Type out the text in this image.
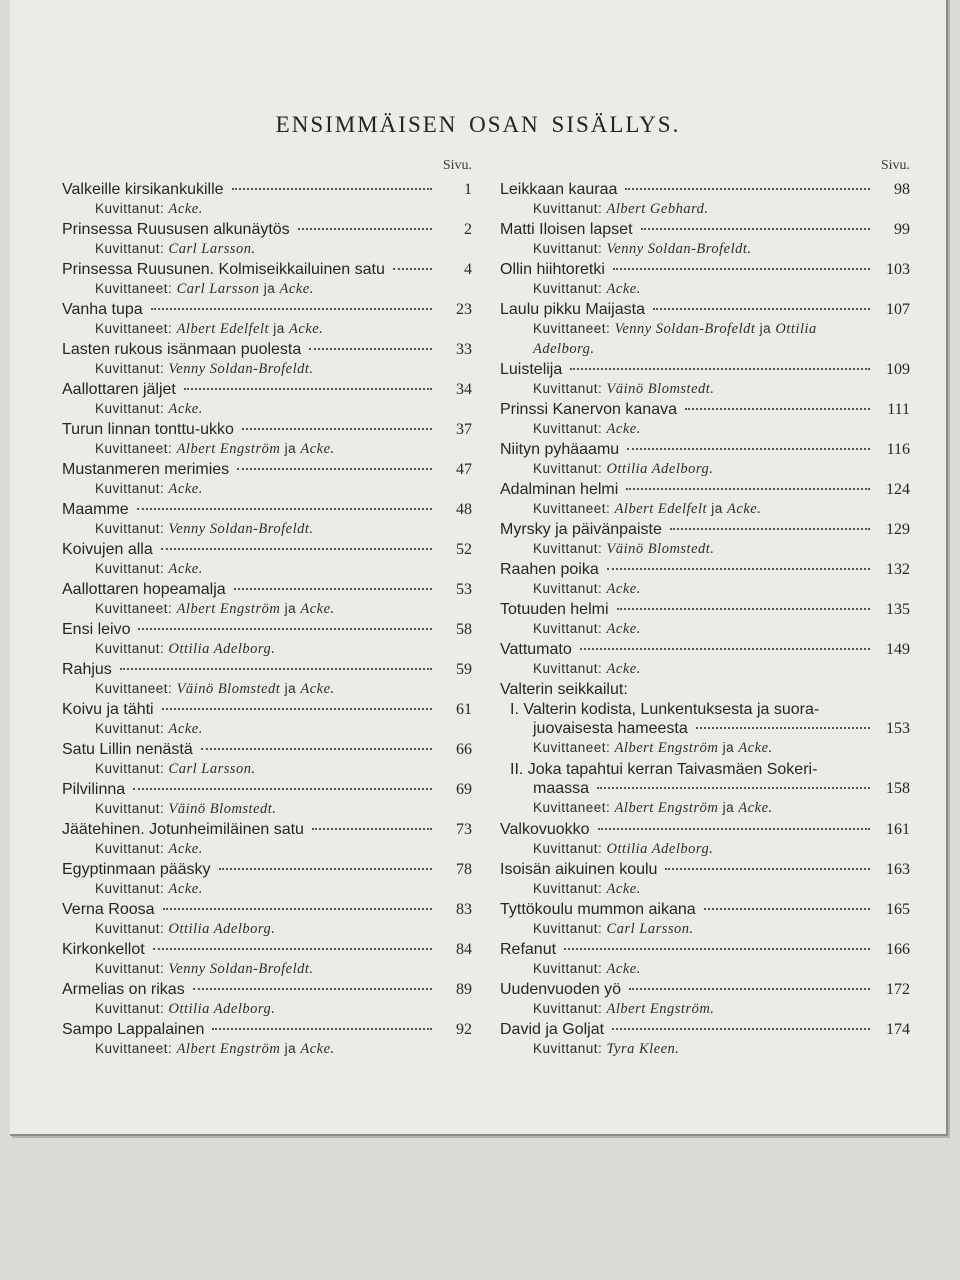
ENSIMMÄISEN OSAN SISÄLLYS.
Sivu.
Valkeille kirsikankukille	1
Kuvittanut: Acke.
Prinsessa Ruususen alkunäytös	2
Kuvittanut: Carl Larsson.
Prinsessa Ruusunen. Kolmiseikkailuinen satu	4
Kuvittaneet: Carl Larsson ja Acke.
Vanha tupa	23
Kuvittaneet: Albert Edelfelt ja Acke.
Lasten rukous isänmaan puolesta	33
Kuvittanut: Venny Soldan-Brofeldt.
Aallottaren jäljet	34
Kuvittanut: Acke.
Turun linnan tonttu-ukko	37
Kuvittaneet: Albert Engström ja Acke.
Mustanmeren merimies	47
Kuvittanut: Acke.
Maamme	48
Kuvittanut: Venny Soldan-Brofeldt.
Koivujen alla	52
Kuvittanut: Acke.
Aallottaren hopeamalja	53
Kuvittaneet: Albert Engström ja Acke.
Ensi leivo	58
Kuvittanut: Ottilia Adelborg.
Rahjus	59
Kuvittaneet: Väinö Blomstedt ja Acke.
Koivu ja tähti	61
Kuvittanut: Acke.
Satu Lillin nenästä	66
Kuvittanut: Carl Larsson.
Pilvilinna	69
Kuvittanut: Väinö Blomstedt.
Jäätehinen. Jotunheimiläinen satu	73
Kuvittanut: Acke.
Egyptinmaan pääsky	78
Kuvittanut: Acke.
Verna Roosa	83
Kuvittanut: Ottilia Adelborg.
Kirkonkellot	84
Kuvittanut: Venny Soldan-Brofeldt.
Armelias on rikas	89
Kuvittanut: Ottilia Adelborg.
Sampo Lappalainen	92
Kuvittaneet: Albert Engström ja Acke.
Sivu.
Leikkaan kauraa	98
Kuvittanut: Albert Gebhard.
Matti Iloisen lapset	99
Kuvittanut: Venny Soldan-Brofeldt.
Ollin hiihtoretki	103
Kuvittanut: Acke.
Laulu pikku Maijasta	107
Kuvittaneet: Venny Soldan-Brofeldt ja Ottilia
Adelborg.
Luistelija	109
Kuvittanut: Väinö Blomstedt.
Prinssi Kanervon kanava	111
Kuvittanut: Acke.
Niityn pyhäaamu	116
Kuvittanut: Ottilia Adelborg.
Adalminan helmi	124
Kuvittaneet: Albert Edelfelt ja Acke.
Myrsky ja päivänpaiste	129
Kuvittanut: Väinö Blomstedt.
Raahen poika	132
Kuvittanut: Acke.
Totuuden helmi	135
Kuvittanut: Acke.
Vattumato	149
Kuvittanut: Acke.
Valterin seikkailut:
I. Valterin kodista, Lunkentuksesta ja suora-
juovaisesta hameesta	153
Kuvittaneet: Albert Engström ja Acke.
II. Joka tapahtui kerran Taivasmäen Sokeri-
maassa	158
Kuvittaneet: Albert Engström ja Acke.
Valkovuokko	161
Kuvittanut: Ottilia Adelborg.
Isoisän aikuinen koulu	163
Kuvittanut: Acke.
Tyttökoulu mummon aikana	165
Kuvittanut: Carl Larsson.
Refanut	166
Kuvittanut: Acke.
Uudenvuoden yö	172
Kuvittanut: Albert Engström.
David ja Goljat	174
Kuvittanut: Tyra Kleen.
